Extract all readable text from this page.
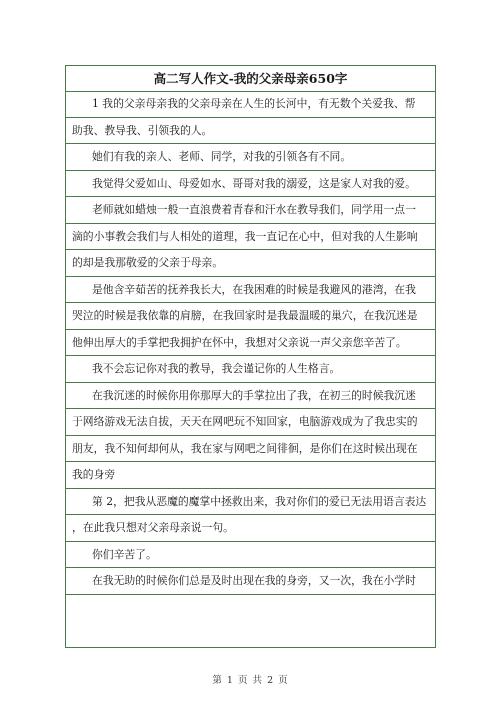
高二写人作文-我的父亲母亲650字
1 我的父亲母亲我的父亲母亲在人生的长河中，有无数个关爱我、帮
助我、教导我、引领我的人。
她们有我的亲人、老师、同学，对我的引领各有不同。
我觉得父爱如山、母爱如水、哥哥对我的溺爱，这是家人对我的爱。
老师就如蜡烛一般一直浪费着青春和汗水在教导我们，同学用一点一
滴的小事教会我们与人相处的道理，我一直记在心中，但对我的人生影响
的却是我那敬爱的父亲于母亲。
是他含辛茹苦的抚养我长大，在我困难的时候是我避风的港湾，在我
哭泣的时候是我依靠的肩膀，在我回家时是我最温暖的巢穴，在我沉迷是
他伸出厚大的手掌把我拥护在怀中，我想对父亲说一声父亲您辛苦了。
我不会忘记你对我的教导，我会谨记你的人生格言。
在我沉迷的时候你用你那厚大的手掌拉出了我，在初三的时候我沉迷
于网络游戏无法自拔，天天在网吧玩不知回家，电脑游戏成为了我忠实的
朋友，我不知何却何从，我在家与网吧之间徘徊，是你们在这时候出现在
我的身旁
第 2，把我从恶魔的魔掌中拯救出来，我对你们的爱已无法用语言表达
，在此我只想对父亲母亲说一句。
你们辛苦了。
在我无助的时候你们总是及时出现在我的身旁，又一次，我在小学时
第 1 页 共 2 页
